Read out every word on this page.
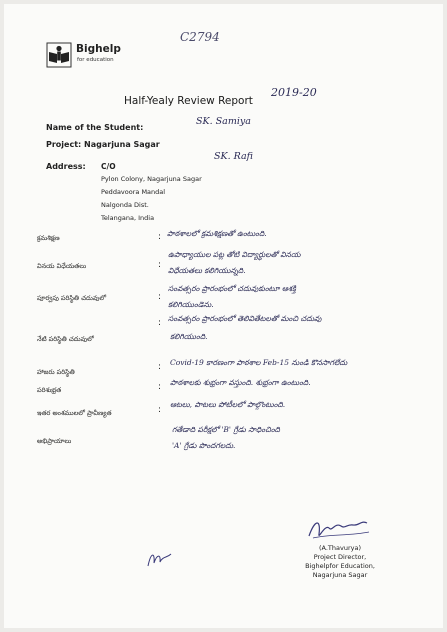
Bighelp
for education
C2794
Half-Yealy Review Report
2019-20
Name of the Student:
SK. Samiya
Project: Nagarjuna Sagar
SK. Rafi
Address: C/O
Pylon Colony, Nagarjuna Sagar
Peddavoora Mandal
Nalgonda Dist.
Telangana, India
క్రమశిక్షణ	: పాఠశాలలో క్రమశిక్షణతో ఉంటుంది.
వినయ విధేయతలు	:
ఉపాధ్యాయుల పట్ల తోటి విద్యార్థులతో వినయ
విధేయతలు కలిగియున్నది.
పూర్వపు పరిస్థితి చదువులో	:
సంవత్సరం ప్రారంభంలో చదువుకుంటూ ఆశక్తి
కలిగియుండెను.
నేటి పరిస్థితి చదువులో
: సంవత్సరం ప్రారంభంలో తెలివితేటలతో మంచి చదువు
కలిగియుంది.
హాజరు పరిస్థితి	: Covid-19 కారణంగా పాఠశాల Feb-15 నుండి కొనసాగలేదు
పరిశుభ్రత	: పాఠశాలకు శుభ్రంగా వస్తుంది. శుభ్రంగా ఉంటుంది.
ఇతర అంశములలో ప్రావీణ్యత	:
ఆటలు, పాటలు పోటీలలో పాల్గొంటుంది.
అభిప్రాయాలు
గతేడాది పరీక్షలో 'B' గ్రేడు సాధించింది
'A' గ్రేడు పొందగలదు.
(A.Thavurya)
Project Director,
Bighelpfor Education,
Nagarjuna Sagar
